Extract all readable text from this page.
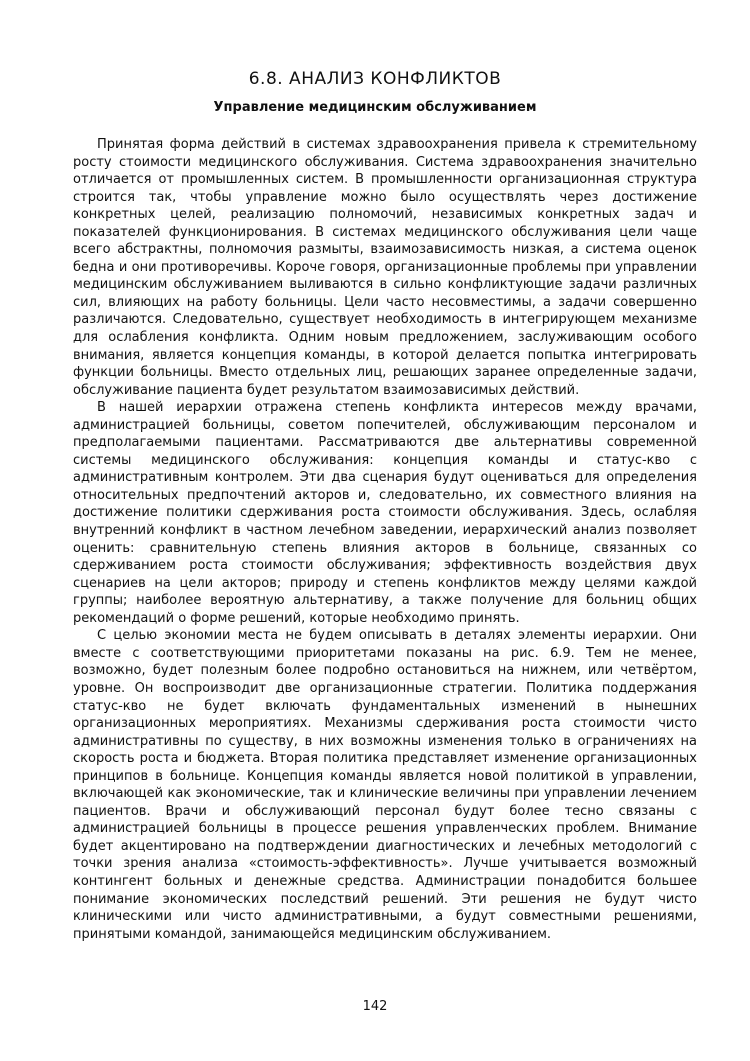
6.8. АНАЛИЗ КОНФЛИКТОВ
Управление медицинским обслуживанием

Принятая форма действий в системах здравоохранения привела к стремительному росту стоимости медицинского обслуживания. Система здравоохранения значительно отличается от промышленных систем. В промышленности организационная структура строится так, чтобы управление можно было осуществлять через достижение конкретных целей, реализацию полномочий, независимых конкретных задач и показателей функционирования. В системах медицинского обслуживания цели чаще всего абстрактны, полномочия размыты, взаимозависимость низкая, а система оценок бедна и они противоречивы. Короче говоря, организационные проблемы при управлении медицинским обслуживанием выливаются в сильно конфликтующие задачи различных сил, влияющих на работу больницы. Цели часто несовместимы, а задачи совершенно различаются. Следовательно, существует необходимость в интегрирующем механизме для ослабления конфликта. Одним новым предложением, заслуживающим особого внимания, является концепция команды, в которой делается попытка интегрировать функции больницы. Вместо отдельных лиц, решающих заранее определенные задачи, обслуживание пациента будет результатом взаимозависимых действий.

В нашей иерархии отражена степень конфликта интересов между врачами, администрацией больницы, советом попечителей, обслуживающим персоналом и предполагаемыми пациентами. Рассматриваются две альтернативы современной системы медицинского обслуживания: концепция команды и статус-кво с административным контролем. Эти два сценария будут оцениваться для определения относительных предпочтений акторов и, следовательно, их совместного влияния на достижение политики сдерживания роста стоимости обслуживания. Здесь, ослабляя внутренний конфликт в частном лечебном заведении, иерархический анализ позволяет оценить: сравнительную степень влияния акторов в больнице, связанных со сдерживанием роста стоимости обслуживания; эффективность воздействия двух сценариев на цели акторов; природу и степень конфликтов между целями каждой группы; наиболее вероятную альтернативу, а также получение для больниц общих рекомендаций о форме решений, которые необходимо принять.

С целью экономии места не будем описывать в деталях элементы иерархии. Они вместе с соответствующими приоритетами показаны на рис. 6.9. Тем не менее, возможно, будет полезным более подробно остановиться на нижнем, или четвёртом, уровне. Он воспроизводит две организационные стратегии. Политика поддержания статус-кво не будет включать фундаментальных изменений в нынешних организационных мероприятиях. Механизмы сдерживания роста стоимости чисто административны по существу, в них возможны изменения только в ограничениях на скорость роста и бюджета. Вторая политика представляет изменение организационных принципов в больнице. Концепция команды является новой политикой в управлении, включающей как экономические, так и клинические величины при управлении лечением пациентов. Врачи и обслуживающий персонал будут более тесно связаны с администрацией больницы в процессе решения управленческих проблем. Внимание будет акцентировано на подтверждении диагностических и лечебных методологий с точки зрения анализа «стоимость-эффективность». Лучше учитывается возможный контингент больных и денежные средства. Администрации понадобится большее понимание экономических последствий решений. Эти решения не будут чисто клиническими или чисто административными, а будут совместными решениями, принятыми командой, занимающейся медицинским обслуживанием.

142
